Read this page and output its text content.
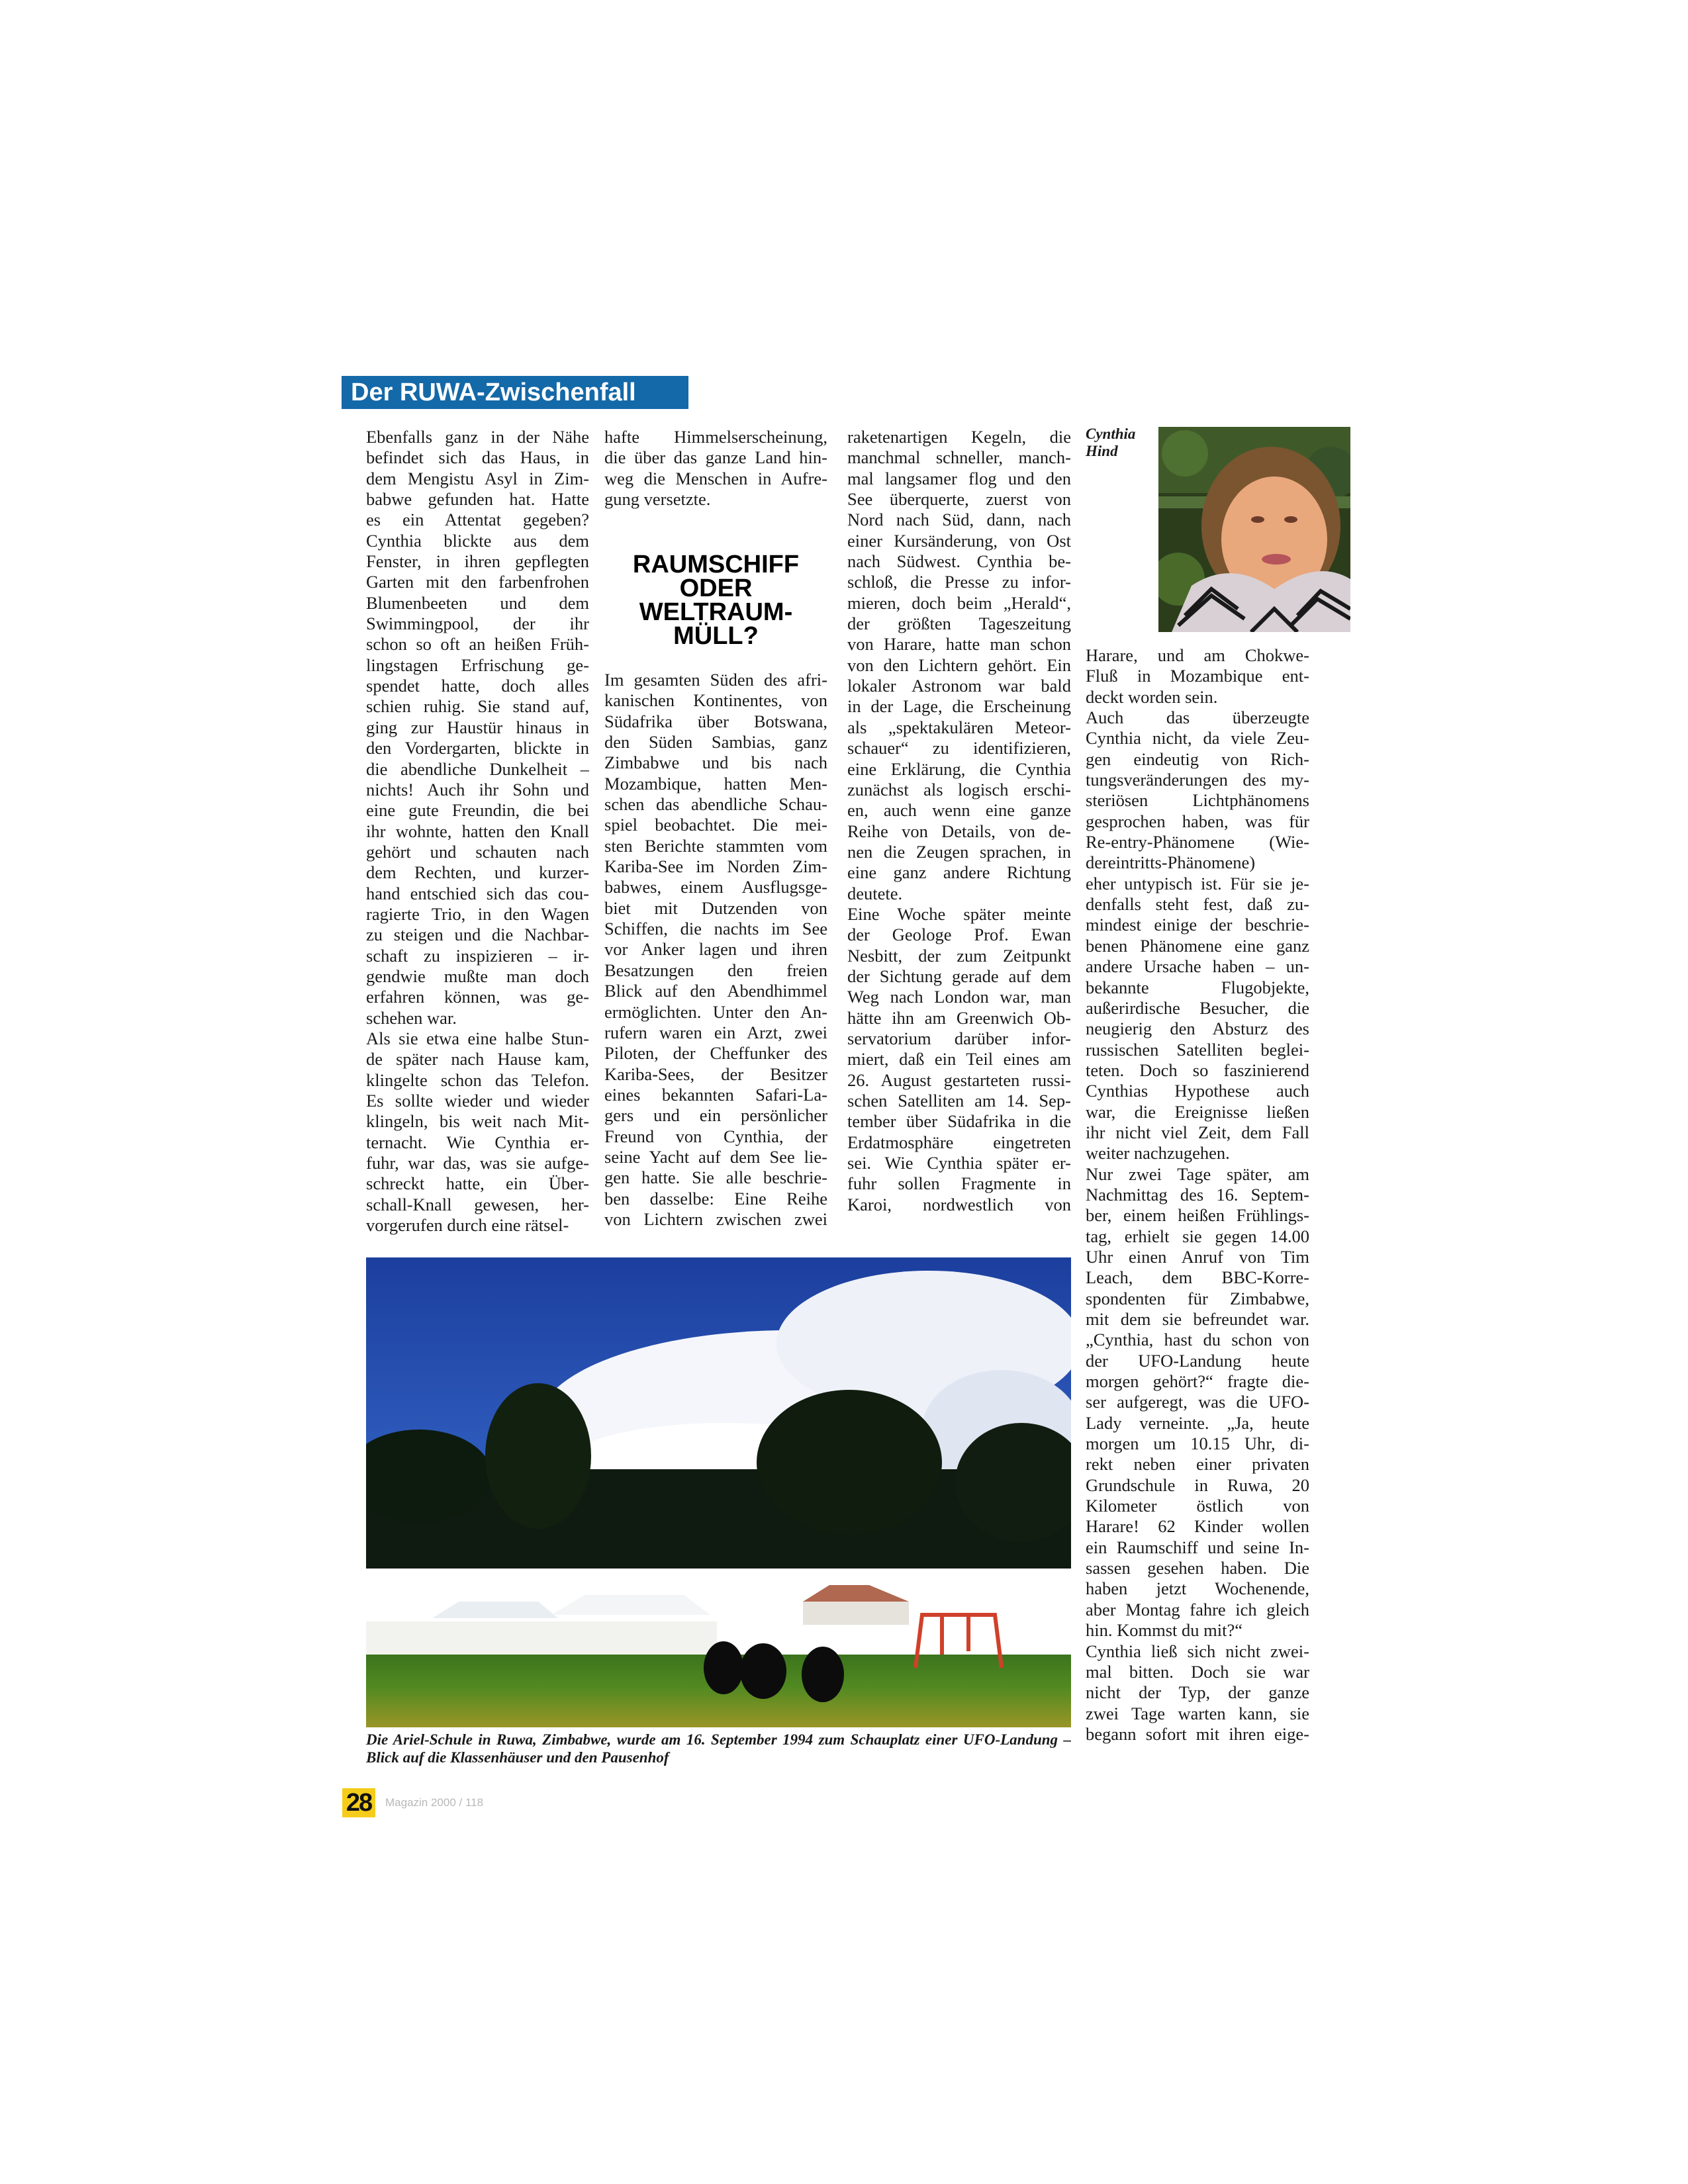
Der RUWA-Zwischenfall
Ebenfalls ganz in der Nähe
befindet sich das Haus, in
dem Mengistu Asyl in Zim-
babwe gefunden hat. Hatte
es ein Attentat gegeben?
Cynthia blickte aus dem
Fenster, in ihren gepflegten
Garten mit den farbenfrohen
Blumenbeeten und dem
Swimmingpool, der ihr
schon so oft an heißen Früh-
lingstagen Erfrischung ge-
spendet hatte, doch alles
schien ruhig. Sie stand auf,
ging zur Haustür hinaus in
den Vordergarten, blickte in
die abendliche Dunkelheit –
nichts! Auch ihr Sohn und
eine gute Freundin, die bei
ihr wohnte, hatten den Knall
gehört und schauten nach
dem Rechten, und kurzer-
hand entschied sich das cou-
ragierte Trio, in den Wagen
zu steigen und die Nachbar-
schaft zu inspizieren – ir-
gendwie mußte man doch
erfahren können, was ge-
schehen war.
Als sie etwa eine halbe Stun-
de später nach Hause kam,
klingelte schon das Telefon.
Es sollte wieder und wieder
klingeln, bis weit nach Mit-
ternacht. Wie Cynthia er-
fuhr, war das, was sie aufge-
schreckt hatte, ein Über-
schall-Knall gewesen, her-
vorgerufen durch eine rätsel-
hafte Himmelserscheinung,
die über das ganze Land hin-
weg die Menschen in Aufre-
gung versetzte.
RAUMSCHIFF
ODER
WELTRAUM-
MÜLL?
Im gesamten Süden des afri-
kanischen Kontinentes, von
Südafrika über Botswana,
den Süden Sambias, ganz
Zimbabwe und bis nach
Mozambique, hatten Men-
schen das abendliche Schau-
spiel beobachtet. Die mei-
sten Berichte stammten vom
Kariba-See im Norden Zim-
babwes, einem Ausflugsge-
biet mit Dutzenden von
Schiffen, die nachts im See
vor Anker lagen und ihren
Besatzungen den freien
Blick auf den Abendhimmel
ermöglichten. Unter den An-
rufern waren ein Arzt, zwei
Piloten, der Cheffunker des
Kariba-Sees, der Besitzer
eines bekannten Safari-La-
gers und ein persönlicher
Freund von Cynthia, der
seine Yacht auf dem See lie-
gen hatte. Sie alle beschrie-
ben dasselbe: Eine Reihe
von Lichtern zwischen zwei
raketenartigen Kegeln, die
manchmal schneller, manch-
mal langsamer flog und den
See überquerte, zuerst von
Nord nach Süd, dann, nach
einer Kursänderung, von Ost
nach Südwest. Cynthia be-
schloß, die Presse zu infor-
mieren, doch beim „Herald“,
der größten Tageszeitung
von Harare, hatte man schon
von den Lichtern gehört. Ein
lokaler Astronom war bald
in der Lage, die Erscheinung
als „spektakulären Meteor-
schauer“ zu identifizieren,
eine Erklärung, die Cynthia
zunächst als logisch erschi-
en, auch wenn eine ganze
Reihe von Details, von de-
nen die Zeugen sprachen, in
eine ganz andere Richtung
deutete.
Eine Woche später meinte
der Geologe Prof. Ewan
Nesbitt, der zum Zeitpunkt
der Sichtung gerade auf dem
Weg nach London war, man
hätte ihn am Greenwich Ob-
servatorium darüber infor-
miert, daß ein Teil eines am
26. August gestarteten russi-
schen Satelliten am 14. Sep-
tember über Südafrika in die
Erdatmosphäre eingetreten
sei. Wie Cynthia später er-
fuhr sollen Fragmente in
Karoi, nordwestlich von
Cynthia
Hind
Harare, und am Chokwe-
Fluß in Mozambique ent-
deckt worden sein.
Auch das überzeugte
Cynthia nicht, da viele Zeu-
gen eindeutig von Rich-
tungsveränderungen des my-
steriösen Lichtphänomens
gesprochen haben, was für
Re-entry-Phänomene (Wie-
dereintritts-Phänomene)
eher untypisch ist. Für sie je-
denfalls steht fest, daß zu-
mindest einige der beschrie-
benen Phänomene eine ganz
andere Ursache haben – un-
bekannte Flugobjekte,
außerirdische Besucher, die
neugierig den Absturz des
russischen Satelliten beglei-
teten. Doch so faszinierend
Cynthias Hypothese auch
war, die Ereignisse ließen
ihr nicht viel Zeit, dem Fall
weiter nachzugehen.
Nur zwei Tage später, am
Nachmittag des 16. Septem-
ber, einem heißen Frühlings-
tag, erhielt sie gegen 14.00
Uhr einen Anruf von Tim
Leach, dem BBC-Korre-
spondenten für Zimbabwe,
mit dem sie befreundet war.
„Cynthia, hast du schon von
der UFO-Landung heute
morgen gehört?“ fragte die-
ser aufgeregt, was die UFO-
Lady verneinte. „Ja, heute
morgen um 10.15 Uhr, di-
rekt neben einer privaten
Grundschule in Ruwa, 20
Kilometer östlich von
Harare! 62 Kinder wollen
ein Raumschiff und seine In-
sassen gesehen haben. Die
haben jetzt Wochenende,
aber Montag fahre ich gleich
hin. Kommst du mit?“
Cynthia ließ sich nicht zwei-
mal bitten. Doch sie war
nicht der Typ, der ganze
zwei Tage warten kann, sie
begann sofort mit ihren eige-
Die Ariel-Schule in Ruwa, Zimbabwe, wurde am 16. September 1994 zum Schauplatz einer UFO-Landung – Blick auf die Klassenhäuser und den Pausenhof
28	Magazin 2000 / 118
